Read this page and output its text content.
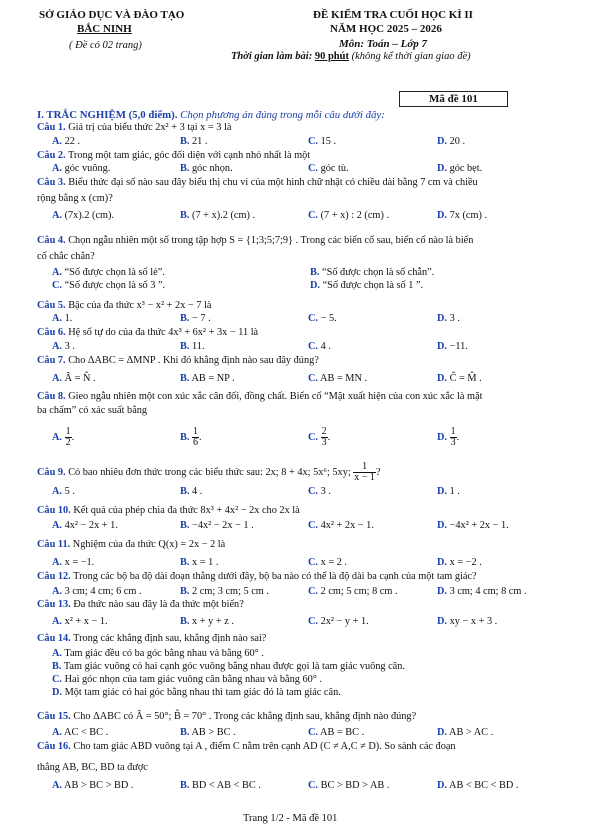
SỞ GIÁO DỤC VÀ ĐÀO TẠO
BẮC NINH
( Đề có 02 trang)
ĐỀ KIỂM TRA CUỐI HỌC KÌ II
NĂM HỌC 2025 – 2026
Môn: Toán – Lớp 7
Thời gian làm bài: 90 phút (không kể thời gian giao đề)
Mã đề 101
I. TRẮC NGHIỆM (5,0 điểm). Chọn phương án đúng trong mỗi câu dưới đây:
Câu 1. Giá trị của biểu thức 2x² + 3 tại x = 3 là
A. 22 .	B. 21 .	C. 15 .	D. 20 .
Câu 2. Trong một tam giác, góc đối diện với cạnh nhỏ nhất là một
A. góc vuông.	B. góc nhọn.	C. góc tù.	D. góc bẹt.
Câu 3. Biểu thức đại số nào sau đây biểu thị chu vi của một hình chữ nhật có chiều dài bằng 7 cm và chiều
rộng bằng x (cm)?
A. (7x).2 (cm).	B. (7 + x).2 (cm) .	C. (7 + x) : 2 (cm) .	D. 7x (cm) .
Câu 4. Chọn ngẫu nhiên một số trong tập hợp S = {1;3;5;7;9} . Trong các biến cố sau, biến cố nào là biến
cố chắc chắn?
A. “Số được chọn là số lẻ”.	B. “Số được chọn là số chẵn”.
C. “Số được chọn là số 3 ”.	D. “Số được chọn là số 1 ”.
Câu 5. Bậc của đa thức x³ − x² + 2x − 7 là
A. 1.	B. − 7 .	C. − 5.	D. 3 .
Câu 6. Hệ số tự do của đa thức 4x³ + 6x² + 3x − 11 là
A. 3 .	B. 11.	C. 4 .	D. −11.
Câu 7. Cho ΔABC = ΔMNP . Khi đó khẳng định nào sau đây đúng?
A. Â = N̂ .	B. AB = NP .	C. AB = MN .	D. Ĉ = M̂ .
Câu 8. Gieo ngẫu nhiên một con xúc xắc cân đối, đồng chất. Biến cố “Mặt xuất hiện của con xúc xắc là mặt
ba chấm” có xác suất bằng
A. $\frac{1}{2}$ .	B. $\frac{1}{6}$ .	C. $\frac{2}{3}$ .	D. $\frac{1}{3}$ .
Câu 9. Có bao nhiêu đơn thức trong các biểu thức sau: 2x; 8 + 4x; 5x⁶; 5xy; $\frac{1}{x - 1}$ ?
A. 5 .	B. 4 .	C. 3 .	D. 1 .
Câu 10. Kết quả của phép chia đa thức 8x³ + 4x² − 2x cho 2x là
A. 4x² − 2x + 1.	B. −4x² − 2x − 1 .	C. 4x² + 2x − 1.	D. −4x² + 2x − 1.
Câu 11. Nghiệm của đa thức Q(x) = 2x − 2 là
A. x = −1.	B. x = 1 .	C. x = 2 .	D. x = −2 .
Câu 12. Trong các bộ ba độ dài đoạn thẳng dưới đây, bộ ba nào có thể là độ dài ba cạnh của một tam giác?
A. 3 cm; 4 cm; 6 cm .	B. 2 cm; 3 cm; 5 cm .	C. 2 cm; 5 cm; 8 cm .	D. 3 cm; 4 cm; 8 cm .
Câu 13. Đa thức nào sau đây là đa thức một biến?
A. x² + x − 1.	B. x + y + z .	C. 2x² − y + 1.	D. xy − x + 3 .
Câu 14. Trong các khẳng định sau, khẳng định nào sai?
A. Tam giác đều có ba góc bằng nhau và bằng 60° .
B. Tam giác vuông có hai cạnh góc vuông bằng nhau được gọi là tam giác vuông cân.
C. Hai góc nhọn của tam giác vuông cân bằng nhau và bằng 60° .
D. Một tam giác có hai góc bằng nhau thì tam giác đó là tam giác cân.
Câu 15. Cho ΔABC có Â = 50°; B̂ = 70° . Trong các khẳng định sau, khẳng định nào đúng?
A. AC < BC .	B. AB > BC .	C. AB = BC .	D. AB > AC .
Câu 16. Cho tam giác ABD vuông tại A , điểm C nằm trên cạnh AD (C ≠ A,C ≠ D). So sánh các đoạn
thẳng AB, BC, BD ta được
A. AB > BC > BD .	B. BD < AB < BC .	C. BC > BD > AB .	D. AB < BC < BD .
Trang 1/2 - Mã đề 101
